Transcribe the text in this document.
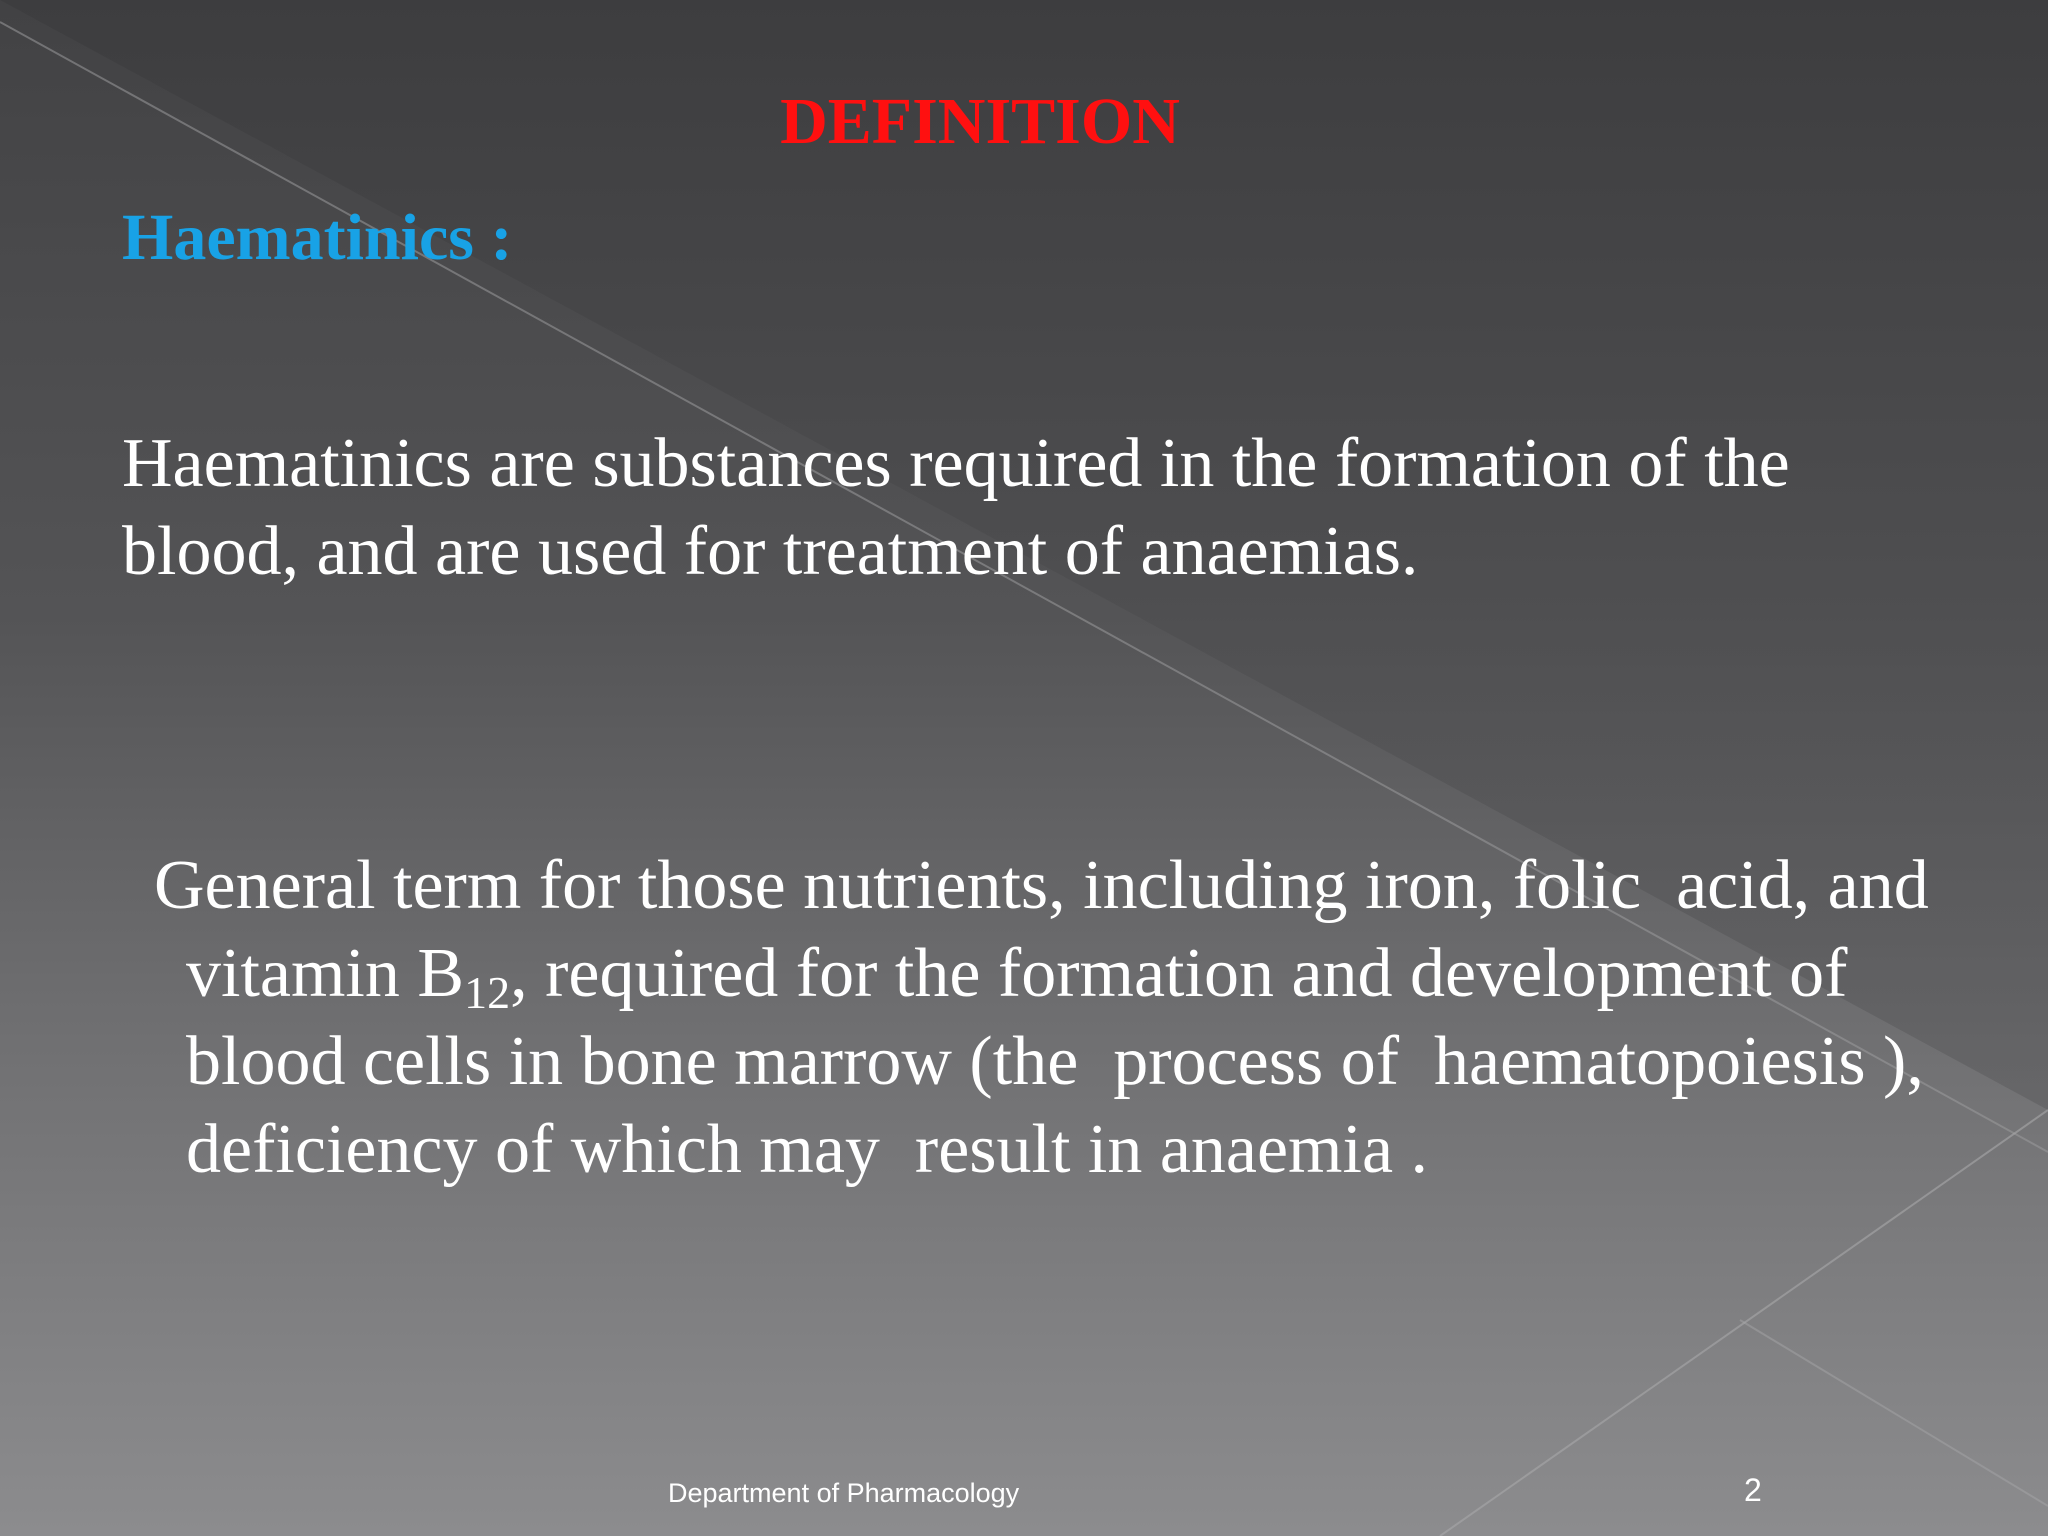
DEFINITION
Haematinics :

Haematinics are substances required in the formation of the blood, and are used for treatment of anaemias.

General term for those nutrients, including iron, folic  acid, and vitamin $B_{12}$, required for the formation and development of  blood cells in bone marrow (the  process of  haematopoiesis ), deficiency of which may  result in anaemia .

Department of Pharmacology	2
